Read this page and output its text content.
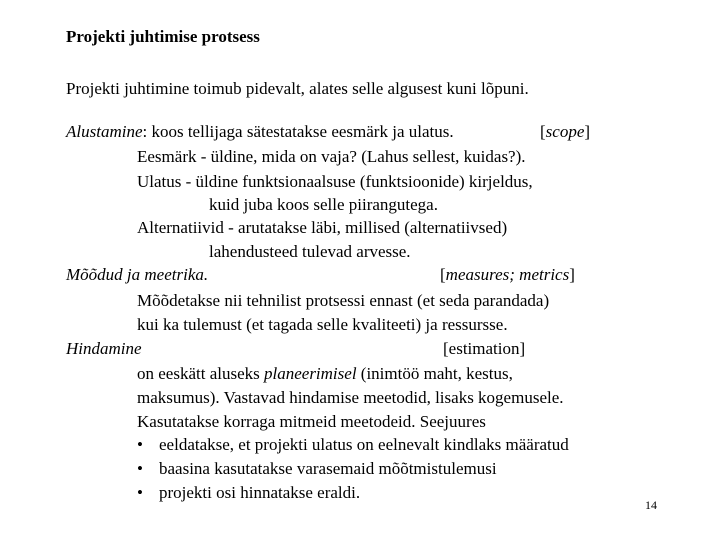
Projekti juhtimise protsess
Projekti juhtimine toimub pidevalt, alates selle algusest kuni lõpuni.
Alustamine: koos tellijaga sätestatakse eesmärk ja ulatus.	[scope]
Eesmärk - üldine, mida on vaja? (Lahus sellest, kuidas?).
Ulatus - üldine funktsionaalsuse (funktsioonide) kirjeldus,
kuid juba koos selle piirangutega.
Alternatiivid - arutatakse läbi, millised (alternatiivsed)
lahendusteed tulevad arvesse.
Mõõdud ja meetrika.	[measures; metrics]
Mõõdetakse nii tehnilist protsessi ennast (et seda parandada)
kui ka tulemust (et tagada selle kvaliteeti) ja ressursse.
Hindamine	[estimation]
on eeskätt aluseks planeerimisel (inimtöö maht, kestus,
maksumus). Vastavad hindamise meetodid, lisaks kogemusele.
Kasutatakse korraga mitmeid meetodeid. Seejuures
• eeldatakse, et projekti ulatus on eelnevalt kindlaks määratud
• baasina kasutatakse varasemaid mõõtmistulemusi
• projekti osi hinnatakse eraldi.
14
